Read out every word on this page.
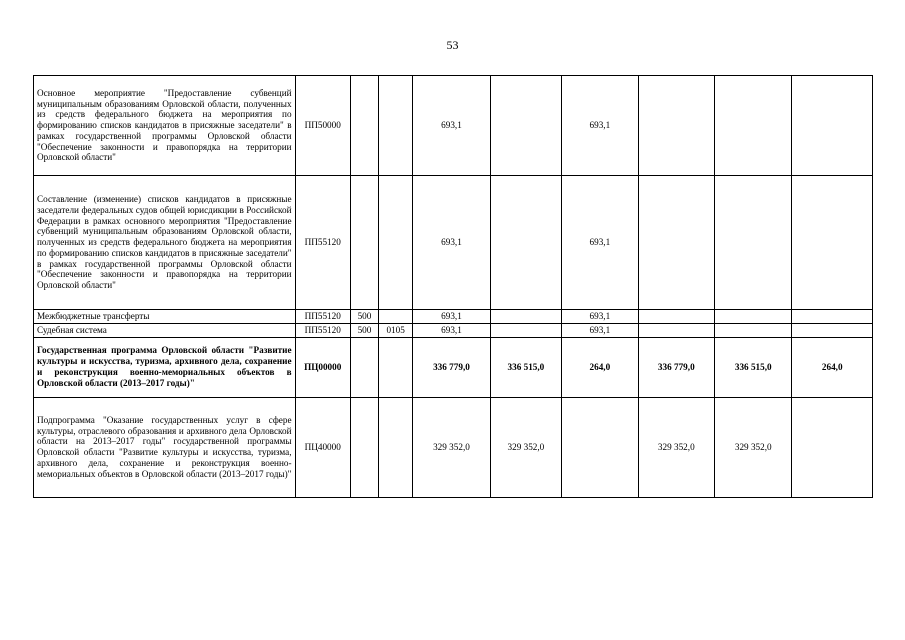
53
Основное мероприятие "Предоставление субвенций муниципальным образованиям Орловской области, полученных из средств федерального бюджета на мероприятия по формированию списков кандидатов в присяжные заседатели" в рамках государственной программы Орловской области "Обеспечение законности и правопорядка на территории Орловской области"	ПП50000			693,1		693,1			
Составление (изменение) списков кандидатов в присяжные заседатели федеральных судов общей юрисдикции в Российской Федерации в рамках основного мероприятия "Предоставление субвенций муниципальным образованиям Орловской области, полученных из средств федерального бюджета на мероприятия по формированию списков кандидатов в присяжные заседатели" в рамках государственной программы Орловской области "Обеспечение законности и правопорядка на территории Орловской области"	ПП55120			693,1		693,1			
Межбюджетные трансферты	ПП55120	500		693,1		693,1			
Судебная система	ПП55120	500	0105	693,1		693,1			
Государственная программа Орловской области "Развитие культуры и искусства, туризма, архивного дела, сохранение и реконструкция военно-мемориальных объектов в Орловской области (2013–2017 годы)"	ПЦ00000			336 779,0	336 515,0	264,0	336 779,0	336 515,0	264,0
Подпрограмма "Оказание государственных услуг в сфере культуры, отраслевого образования и архивного дела Орловской области на 2013–2017 годы" государственной программы Орловской области "Развитие культуры и искусства, туризма, архивного дела, сохранение и реконструкция военно-мемориальных объектов в Орловской области (2013–2017 годы)"	ПЦ40000			329 352,0	329 352,0		329 352,0	329 352,0	
